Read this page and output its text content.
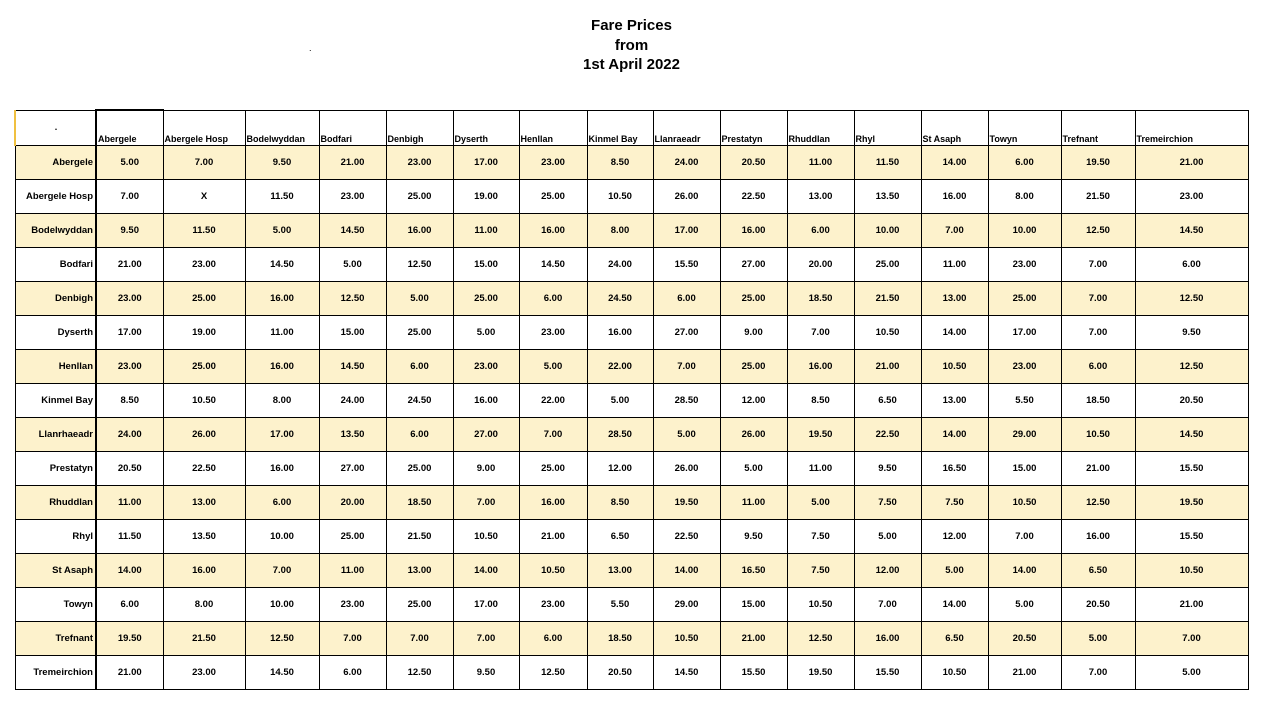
Fare Prices
from
1st April 2022
.
.	Abergele	Abergele Hosp	Bodelwyddan	Bodfari	Denbigh	Dyserth	Henllan	Kinmel Bay	Llanraeadr	Prestatyn	Rhuddlan	Rhyl	St Asaph	Towyn	Trefnant	Tremeirchion
Abergele	5.00	7.00	9.50	21.00	23.00	17.00	23.00	8.50	24.00	20.50	11.00	11.50	14.00	6.00	19.50	21.00
Abergele Hosp	7.00	X	11.50	23.00	25.00	19.00	25.00	10.50	26.00	22.50	13.00	13.50	16.00	8.00	21.50	23.00
Bodelwyddan	9.50	11.50	5.00	14.50	16.00	11.00	16.00	8.00	17.00	16.00	6.00	10.00	7.00	10.00	12.50	14.50
Bodfari	21.00	23.00	14.50	5.00	12.50	15.00	14.50	24.00	15.50	27.00	20.00	25.00	11.00	23.00	7.00	6.00
Denbigh	23.00	25.00	16.00	12.50	5.00	25.00	6.00	24.50	6.00	25.00	18.50	21.50	13.00	25.00	7.00	12.50
Dyserth	17.00	19.00	11.00	15.00	25.00	5.00	23.00	16.00	27.00	9.00	7.00	10.50	14.00	17.00	7.00	9.50
Henllan	23.00	25.00	16.00	14.50	6.00	23.00	5.00	22.00	7.00	25.00	16.00	21.00	10.50	23.00	6.00	12.50
Kinmel Bay	8.50	10.50	8.00	24.00	24.50	16.00	22.00	5.00	28.50	12.00	8.50	6.50	13.00	5.50	18.50	20.50
Llanrhaeadr	24.00	26.00	17.00	13.50	6.00	27.00	7.00	28.50	5.00	26.00	19.50	22.50	14.00	29.00	10.50	14.50
Prestatyn	20.50	22.50	16.00	27.00	25.00	9.00	25.00	12.00	26.00	5.00	11.00	9.50	16.50	15.00	21.00	15.50
Rhuddlan	11.00	13.00	6.00	20.00	18.50	7.00	16.00	8.50	19.50	11.00	5.00	7.50	7.50	10.50	12.50	19.50
Rhyl	11.50	13.50	10.00	25.00	21.50	10.50	21.00	6.50	22.50	9.50	7.50	5.00	12.00	7.00	16.00	15.50
St Asaph	14.00	16.00	7.00	11.00	13.00	14.00	10.50	13.00	14.00	16.50	7.50	12.00	5.00	14.00	6.50	10.50
Towyn	6.00	8.00	10.00	23.00	25.00	17.00	23.00	5.50	29.00	15.00	10.50	7.00	14.00	5.00	20.50	21.00
Trefnant	19.50	21.50	12.50	7.00	7.00	7.00	6.00	18.50	10.50	21.00	12.50	16.00	6.50	20.50	5.00	7.00
Tremeirchion	21.00	23.00	14.50	6.00	12.50	9.50	12.50	20.50	14.50	15.50	19.50	15.50	10.50	21.00	7.00	5.00
